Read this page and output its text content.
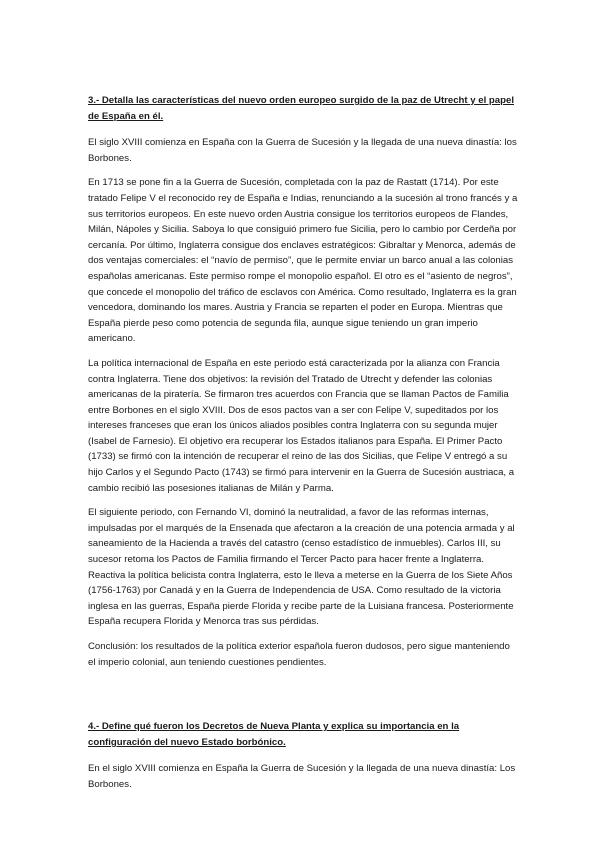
3.- Detalla las características del nuevo orden europeo surgido de la paz de Utrecht y el papel de España en él.

El siglo XVIII comienza en España con la Guerra de Sucesión y la llegada de una nueva dinastía: los Borbones.

En 1713 se pone fin a la Guerra de Sucesión, completada con la paz de Rastatt (1714). Por este tratado Felipe V el reconocido rey de España e Indias, renunciando a la sucesión al trono francés y a sus territorios europeos. En este nuevo orden Austria consigue los territorios europeos de Flandes, Milán, Nápoles y Sicilia. Saboya lo que consiguió primero fue Sicilia, pero lo cambio por Cerdeña por cercanía. Por último, Inglaterra consigue dos enclaves estratégicos: Gibraltar y Menorca, además de dos ventajas comerciales: el “navío de permiso”, que le permite enviar un barco anual a las colonias españolas americanas. Este permiso rompe el monopolio español. El otro es el “asiento de negros”, que concede el monopolio del tráfico de esclavos con América. Como resultado, Inglaterra es la gran vencedora, dominando los mares. Austria y Francia se reparten el poder en Europa. Mientras que España pierde peso como potencia de segunda fila, aunque sigue teniendo un gran imperio americano.

La política internacional de España en este periodo está caracterizada por la alianza con Francia contra Inglaterra. Tiene dos objetivos: la revisión del Tratado de Utrecht y defender las colonias americanas de la piratería. Se firmaron tres acuerdos con Francia que se llaman Pactos de Familia entre Borbones en el siglo XVIII. Dos de esos pactos van a ser con Felipe V, supeditados por los intereses franceses que eran los únicos aliados posibles contra Inglaterra con su segunda mujer (Isabel de Farnesio). El objetivo era recuperar los Estados italianos para España. El Primer Pacto (1733) se firmó con la intención de recuperar el reino de las dos Sicilias, que Felipe V entregó a su hijo Carlos y el Segundo Pacto (1743) se firmó para intervenir en la Guerra de Sucesión austriaca, a cambio recibió las posesiones italianas de Milán y Parma.

El siguiente periodo, con Fernando VI, dominó la neutralidad, a favor de las reformas internas, impulsadas por el marqués de la Ensenada que afectaron a la creación de una potencia armada y al saneamiento de la Hacienda a través del catastro (censo estadístico de inmuebles). Carlos III, su sucesor retoma los Pactos de Familia firmando el Tercer Pacto para hacer frente a Inglaterra. Reactiva la política belicista contra Inglaterra, esto le lleva a meterse en la Guerra de los Siete Años (1756-1763) por Canadá y en la Guerra de Independencia de USA. Como resultado de la victoria inglesa en las guerras, España pierde Florida y recibe parte de la Luisiana francesa. Posteriormente España recupera Florida y Menorca tras sus pérdidas.

Conclusión: los resultados de la política exterior española fueron dudosos, pero sigue manteniendo el imperio colonial, aun teniendo cuestiones pendientes.

4.- Define qué fueron los Decretos de Nueva Planta y explica su importancia en la configuración del nuevo Estado borbónico.

En el siglo XVIII comienza en España la Guerra de Sucesión y la llegada de una nueva dinastía: Los Borbones.
